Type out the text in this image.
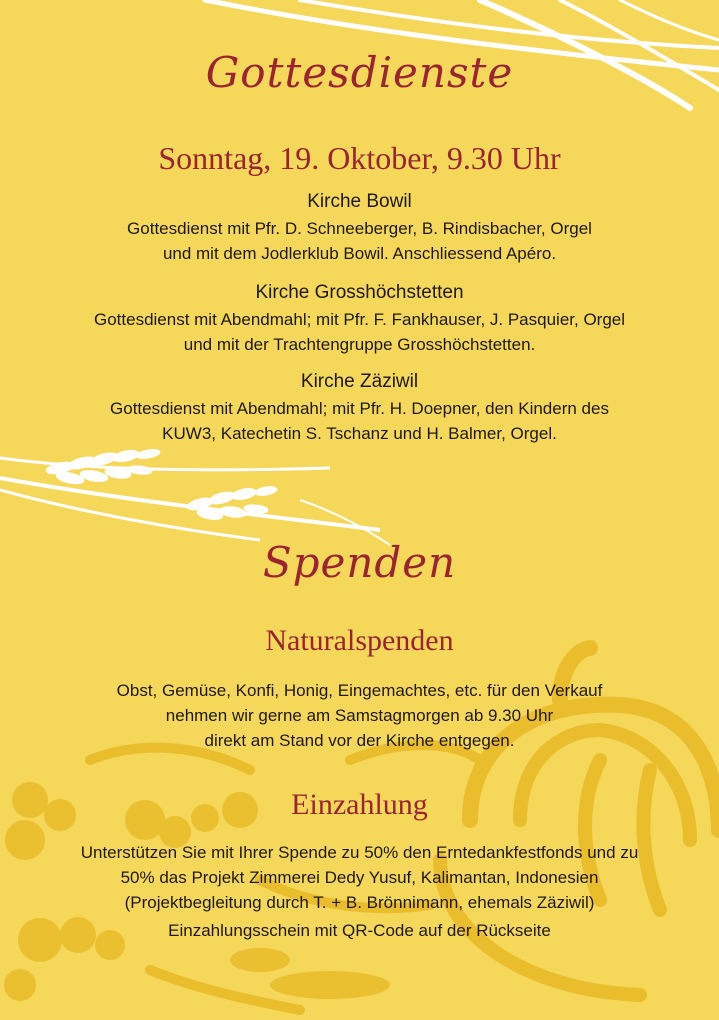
Gottesdienste
Sonntag, 19. Oktober, 9.30 Uhr

Kirche Bowil

Gottesdienst mit Pfr. D. Schneeberger, B. Rindisbacher, Orgel

und mit dem Jodlerklub Bowil. Anschliessend Apéro.

Kirche Grosshöchstetten

Gottesdienst mit Abendmahl; mit Pfr. F. Fankhauser, J. Pasquier, Orgel

und mit der Trachtengruppe Grosshöchstetten.

Kirche Zäziwil

Gottesdienst mit Abendmahl; mit Pfr. H. Doepner, den Kindern des

KUW3, Katechetin S. Tschanz und H. Balmer, Orgel.

Spenden
Naturalspenden

Obst, Gemüse, Konfi, Honig, Eingemachtes, etc. für den Verkauf

nehmen wir gerne am Samstagmorgen ab 9.30 Uhr

direkt am Stand vor der Kirche entgegen.

Einzahlung

Unterstützen Sie mit Ihrer Spende zu 50% den Erntedankfestfonds und zu

50% das Projekt Zimmerei Dedy Yusuf, Kalimantan, Indonesien

(Projektbegleitung durch T. + B. Brönnimann, ehemals Zäziwil)

Einzahlungsschein mit QR-Code auf der Rückseite
